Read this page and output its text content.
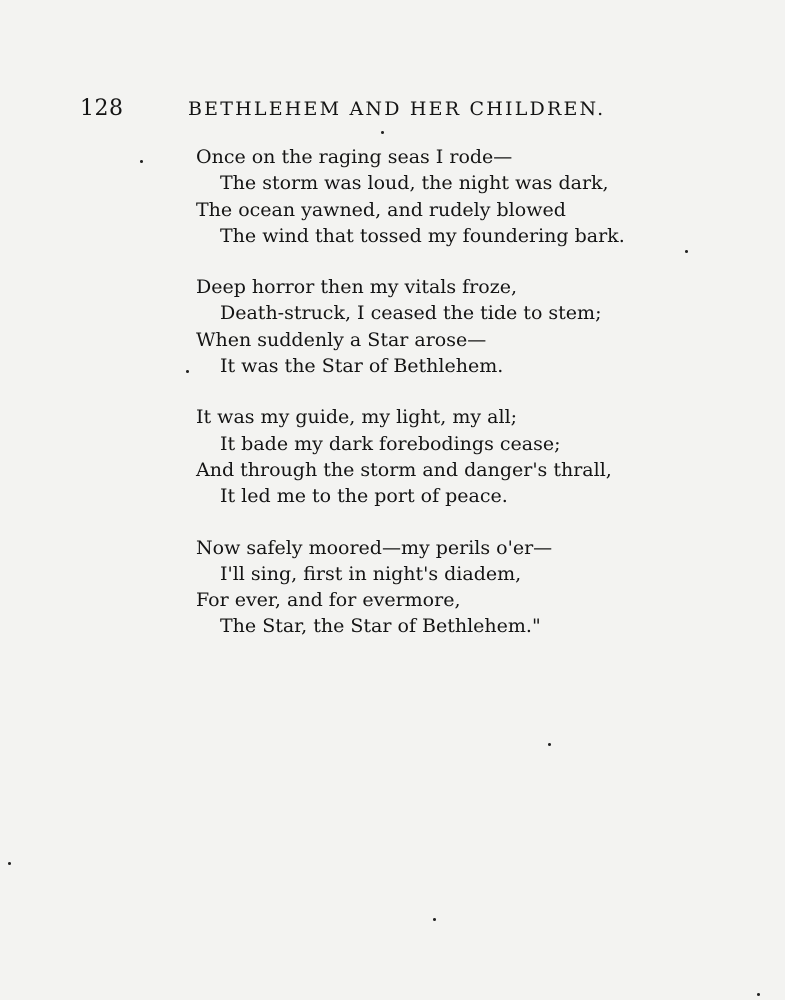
128	BETHLEHEM AND HER CHILDREN.
Once on the raging seas I rode—
The storm was loud, the night was dark,
The ocean yawned, and rudely blowed
The wind that tossed my foundering bark.
Deep horror then my vitals froze,
Death-struck, I ceased the tide to stem;
When suddenly a Star arose—
It was the Star of Bethlehem.
It was my guide, my light, my all;
It bade my dark forebodings cease;
And through the storm and danger's thrall,
It led me to the port of peace.
Now safely moored—my perils o'er—
I'll sing, first in night's diadem,
For ever, and for evermore,
The Star, the Star of Bethlehem."
